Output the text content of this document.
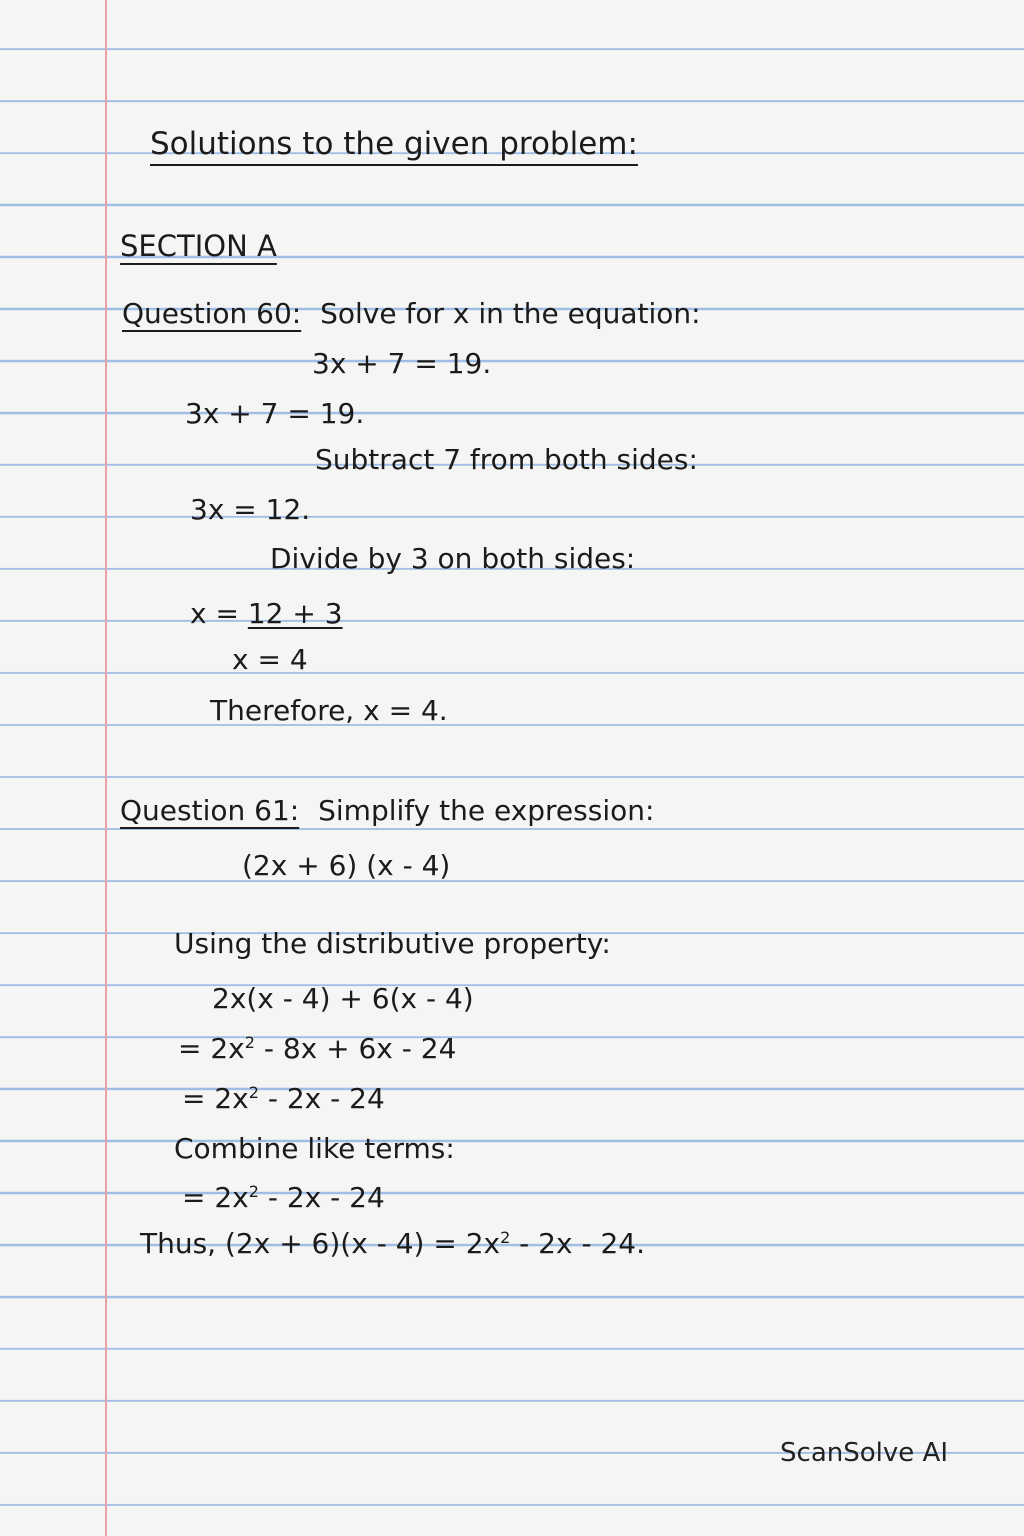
Solutions to the given problem:
SECTION A
Question 60: Solve for x in the equation:
3x + 7 = 19.
3x + 7 = 19.
Subtract 7 from both sides:
3x = 12.
Divide by 3 on both sides:
x = 12 + 3
x = 4
Therefore, x = 4.
Question 61: Simplify the expression:
(2x + 6) (x - 4)
Using the distributive property:
2x(x - 4) + 6(x - 4)
= $2x^2 - 8x + 6x - 24$
= $2x^2 - 2x - 24$
Combine like terms:
= $2x^2 - 2x - 24$
Thus, $(2x + 6)(x - 4) = 2x^2 - 2x - 24$.
ScanSolve AI
